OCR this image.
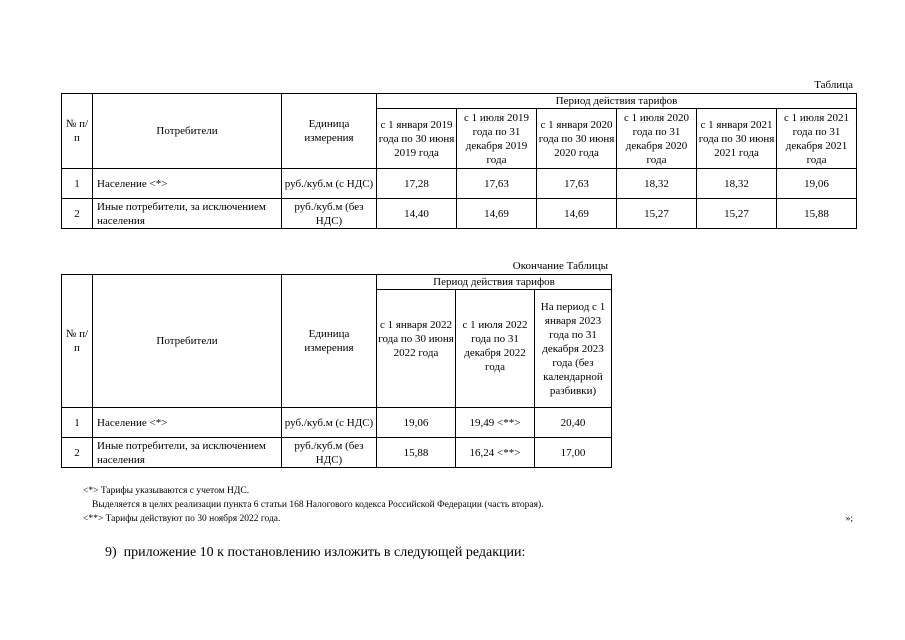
Таблица
№ п/п	Потребители	Единица измерения	Период действия тарифов					
			с 1 января 2019 года по 30 июня 2019 года	с 1 июля 2019 года по 31 декабря 2019 года	с 1 января 2020 года по 30 июня 2020 года	с 1 июля 2020 года по 31 декабря 2020 года	с 1 января 2021 года по 30 июня 2021 года	с 1 июля 2021 года по 31 декабря 2021 года
1	Население <*>	руб./куб.м (с НДС)	17,28	17,63	17,63	18,32	18,32	19,06
2	Иные потребители, за исключением населения	руб./куб.м (без НДС)	14,40	14,69	14,69	15,27	15,27	15,88
Окончание Таблицы
№ п/п	Потребители	Единица измерения	Период действия тарифов		
			с 1 января 2022 года по 30 июня 2022 года	с 1 июля 2022 года по 31 декабря 2022 года	На период с 1 января 2023 года по 31 декабря 2023 года (без календарной разбивки)
1	Население <*>	руб./куб.м (с НДС)	19,06	19,49 <**>	20,40
2	Иные потребители, за исключением населения	руб./куб.м (без НДС)	15,88	16,24 <**>	17,00
<*> Тарифы указываются с учетом НДС.
Выделяется в целях реализации пункта 6 статьи 168 Налогового кодекса Российской Федерации (часть вторая).
<**> Тарифы действуют по 30 ноября 2022 года.	»;
9)  приложение 10 к постановлению изложить в следующей редакции:
